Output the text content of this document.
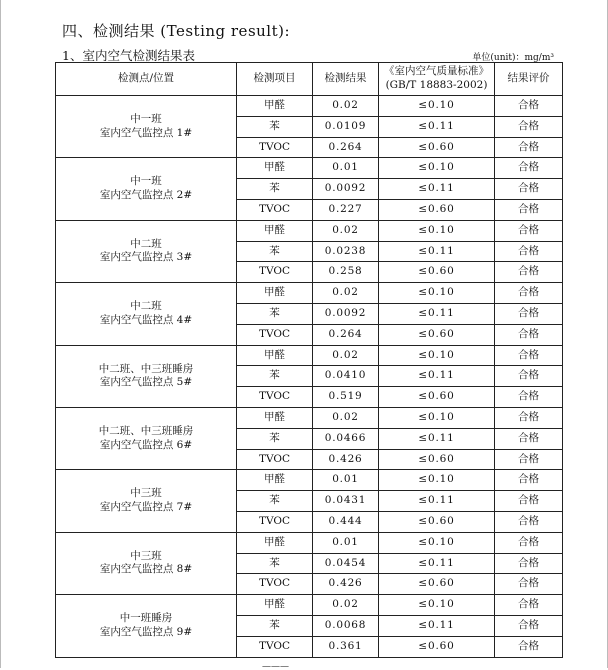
四、检测结果 (Testing result):
1、室内空气检测结果表	单位(unit)：mg/m³
检测点/位置	检测项目	检测结果	《室内空气质量标准》
(GB/T 18883-2002)	结果评价

中一班
室内空气监控点 1#	甲醛	0.02	≤0.10	合格
	苯	0.0109	≤0.11	合格
	TVOC	0.264	≤0.60	合格

中一班
室内空气监控点 2#	甲醛	0.01	≤0.10	合格
	苯	0.0092	≤0.11	合格
	TVOC	0.227	≤0.60	合格

中二班
室内空气监控点 3#	甲醛	0.02	≤0.10	合格
	苯	0.0238	≤0.11	合格
	TVOC	0.258	≤0.60	合格

中二班
室内空气监控点 4#	甲醛	0.02	≤0.10	合格
	苯	0.0092	≤0.11	合格
	TVOC	0.264	≤0.60	合格

中二班、中三班睡房
室内空气监控点 5#	甲醛	0.02	≤0.10	合格
	苯	0.0410	≤0.11	合格
	TVOC	0.519	≤0.60	合格

中二班、中三班睡房
室内空气监控点 6#	甲醛	0.02	≤0.10	合格
	苯	0.0466	≤0.11	合格
	TVOC	0.426	≤0.60	合格

中三班
室内空气监控点 7#	甲醛	0.01	≤0.10	合格
	苯	0.0431	≤0.11	合格
	TVOC	0.444	≤0.60	合格

中三班
室内空气监控点 8#	甲醛	0.01	≤0.10	合格
	苯	0.0454	≤0.11	合格
	TVOC	0.426	≤0.60	合格

中一班睡房
室内空气监控点 9#	甲醛	0.02	≤0.10	合格
	苯	0.0068	≤0.11	合格
	TVOC	0.361	≤0.60	合格
———
